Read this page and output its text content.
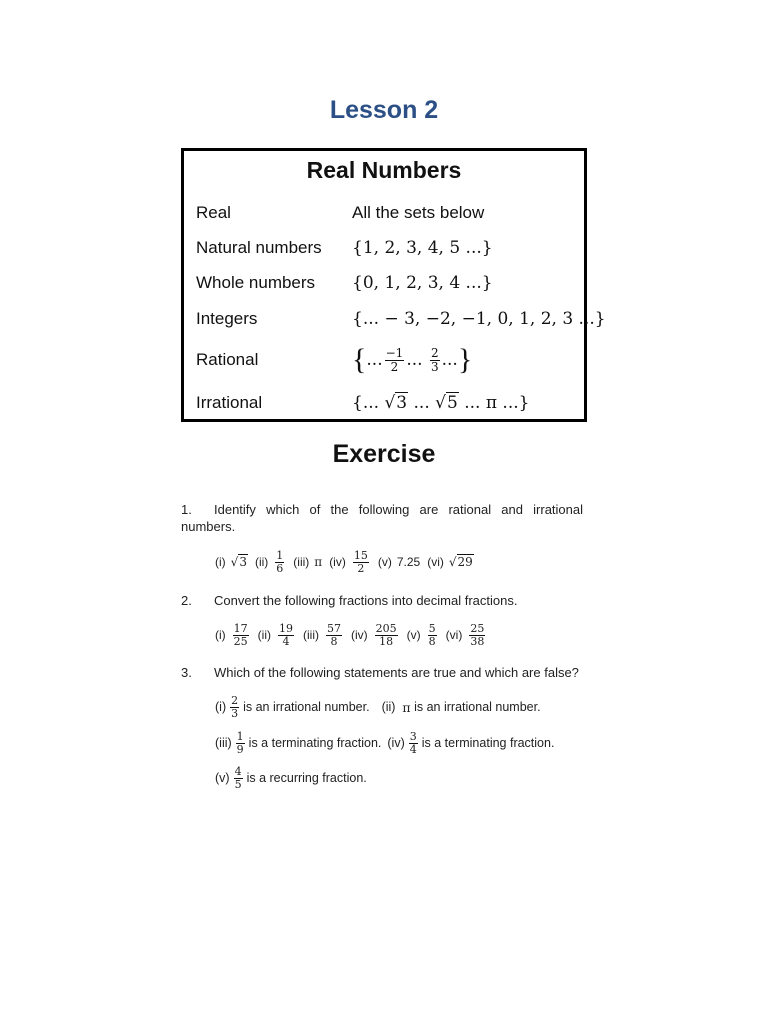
Lesson 2
Real Numbers
Real	All the sets below
Natural numbers {1, 2, 3, 4, 5 ...}
Whole numbers {0, 1, 2, 3, 4 ...}
Integers	{... − 3, −2, −1, 0, 1, 2, 3 ...}
Rational	{... $\frac{-1}{2}$ ... $\frac{2}{3}$ ...}
Irrational	{... √3 ... √5 ... π ...}
Exercise
1. Identify which of the following are rational and irrational
numbers.
(i) √3 $(ii) \frac{1}{6} (iii)$ π $(iv) \frac{15}{2} (v)$ 7.25 (vi) √29
2. Convert the following fractions into decimal fractions.
$(i) \frac{17}{25} (ii) \frac{19}{4} (iii) \frac{57}{8} (iv) \frac{205}{18} (v) \frac{5}{8} (vi) \frac{25}{38}$
3. Which of the following statements are true and which are false?
$(i) \frac{2}{3}$ is an irrational number. (ii)
π
is an irrational number.
$(iii) \frac{1}{9}$ is a terminating fraction. $(iv) \frac{3}{4}$ is a terminating fraction.
$(v) \frac{4}{5}$ is a recurring fraction.
